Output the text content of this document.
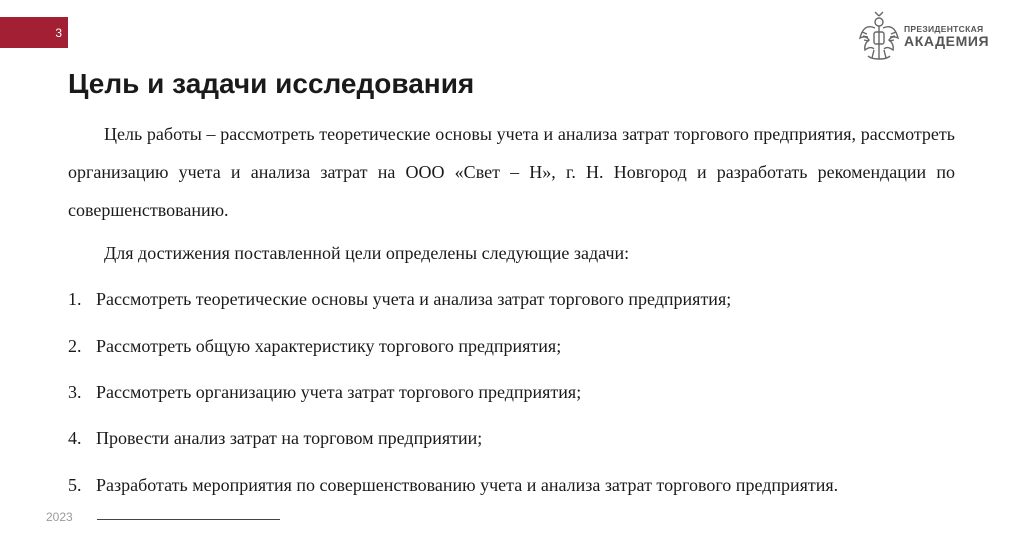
3	ПРЕЗИДЕНТСКАЯ
АКАДЕМИЯ
Цель и задачи исследования

Цель работы – рассмотреть теоретические основы учета и анализа затрат торгового предприятия, рассмотреть организацию учета и анализа затрат на ООО «Свет – Н», г. Н. Новгород и разработать рекомендации по совершенствованию.

Для достижения поставленной цели определены следующие задачи:

1. Рассмотреть теоретические основы учета и анализа затрат торгового предприятия;
2. Рассмотреть общую характеристику торгового предприятия;
3. Рассмотреть организацию учета затрат торгового предприятия;
4. Провести анализ затрат на торговом предприятии;
5. Разработать мероприятия по совершенствованию учета и анализа затрат торгового предприятия.
2023
